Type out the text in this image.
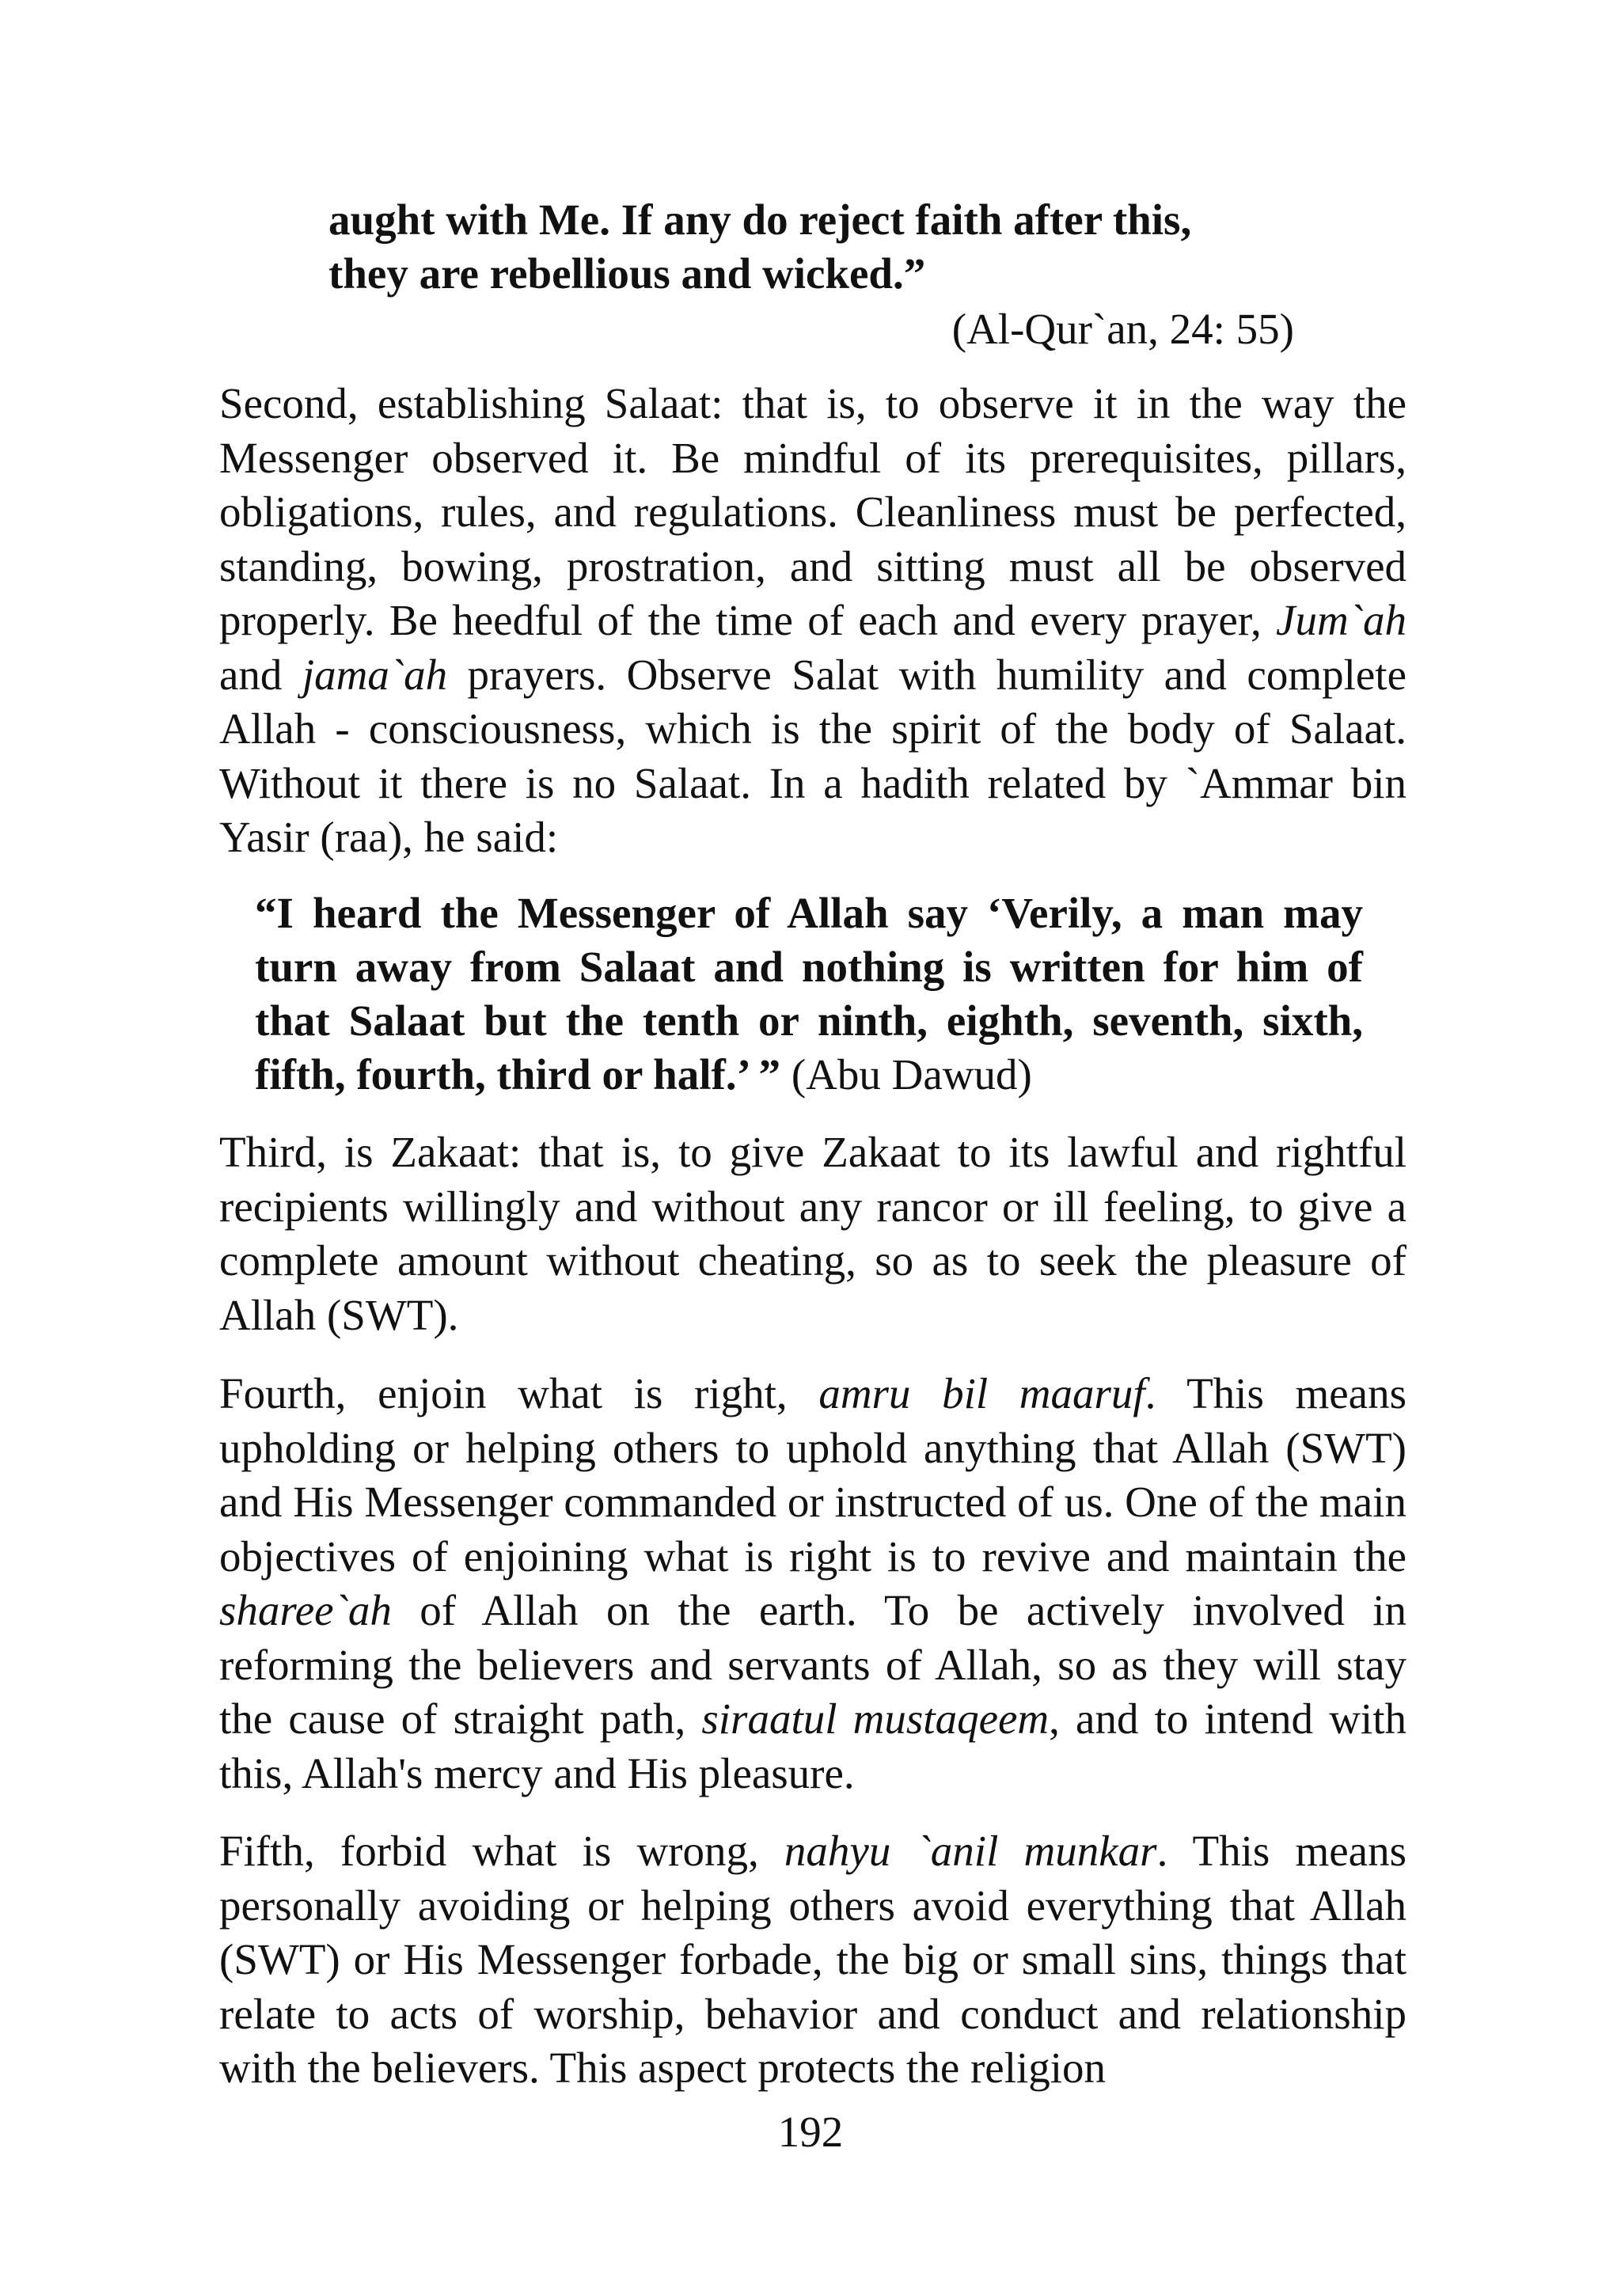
aught with Me. If any do reject faith after this,
they are rebellious and wicked.”
(Al-Qur`an, 24: 55)
Second, establishing Salaat: that is, to observe it in the way the Messenger observed it. Be mindful of its prerequisites, pillars, obligations, rules, and regulations. Cleanliness must be perfected, standing, bowing, prostration, and sitting must all be observed properly. Be heedful of the time of each and every prayer, Jum`ah and jama`ah prayers. Observe Salat with humility and complete Allah - consciousness, which is the spirit of the body of Salaat. Without it there is no Salaat. In a hadith related by `Ammar bin Yasir (raa), he said:
“I heard the Messenger of Allah say ‘Verily, a man may turn away from Salaat and nothing is written for him of that Salaat but the tenth or ninth, eighth, seventh, sixth, fifth, fourth, third or half.’ ” (Abu Dawud)
Third, is Zakaat: that is, to give Zakaat to its lawful and rightful recipients willingly and without any rancor or ill feeling, to give a complete amount without cheating, so as to seek the pleasure of Allah (SWT).
Fourth, enjoin what is right, amru bil maaruf. This means upholding or helping others to uphold anything that Allah (SWT) and His Messenger commanded or instructed of us. One of the main objectives of enjoining what is right is to revive and maintain the sharee`ah of Allah on the earth. To be actively involved in reforming the believers and servants of Allah, so as they will stay the cause of straight path, siraatul mustaqeem, and to intend with this, Allah's mercy and His pleasure.
Fifth, forbid what is wrong, nahyu `anil munkar. This means personally avoiding or helping others avoid everything that Allah (SWT) or His Messenger forbade, the big or small sins, things that relate to acts of worship, behavior and conduct and relationship with the believers. This aspect protects the religion
192
